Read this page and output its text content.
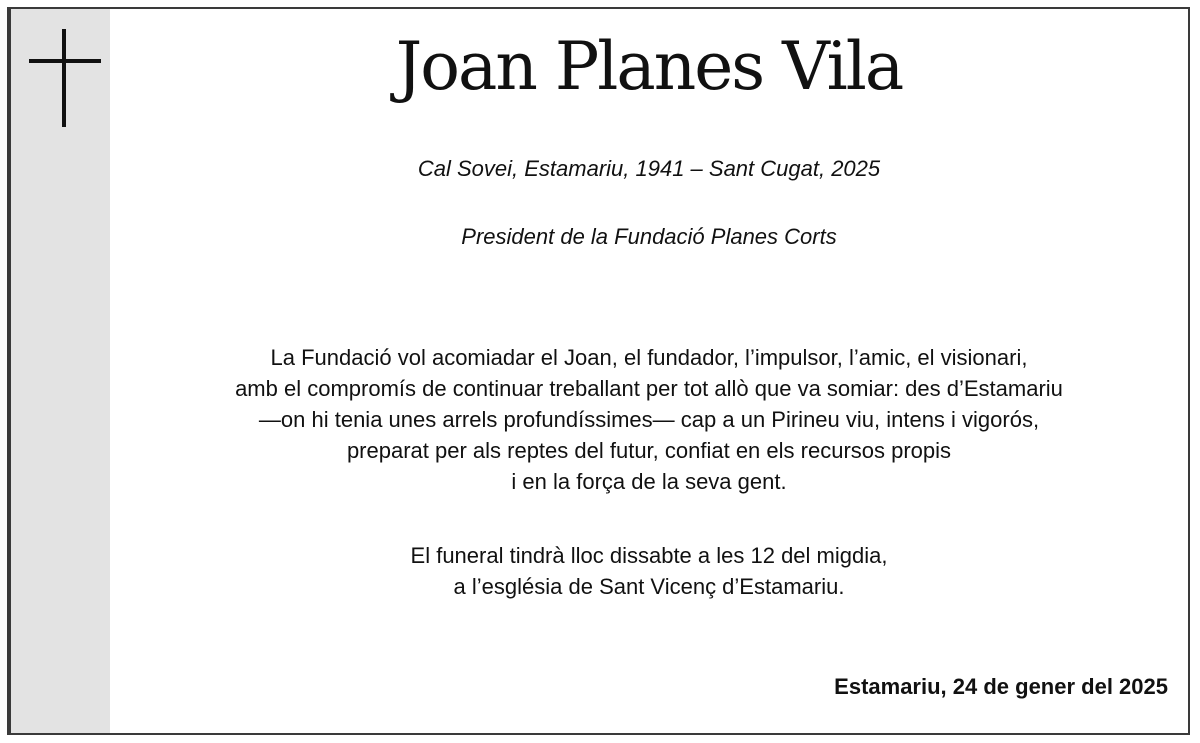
Joan Planes Vila
Cal Sovei, Estamariu, 1941 – Sant Cugat, 2025
President de la Fundació Planes Corts
La Fundació vol acomiadar el Joan, el fundador, l’impulsor, l’amic, el visionari,
amb el compromís de continuar treballant per tot allò que va somiar: des d’Estamariu
—on hi tenia unes arrels profundíssimes— cap a un Pirineu viu, intens i vigorós,
preparat per als reptes del futur, confiat en els recursos propis
i en la força de la seva gent.
El funeral tindrà lloc dissabte a les 12 del migdia,
a l’església de Sant Vicenç d’Estamariu.
Estamariu, 24 de gener del 2025
